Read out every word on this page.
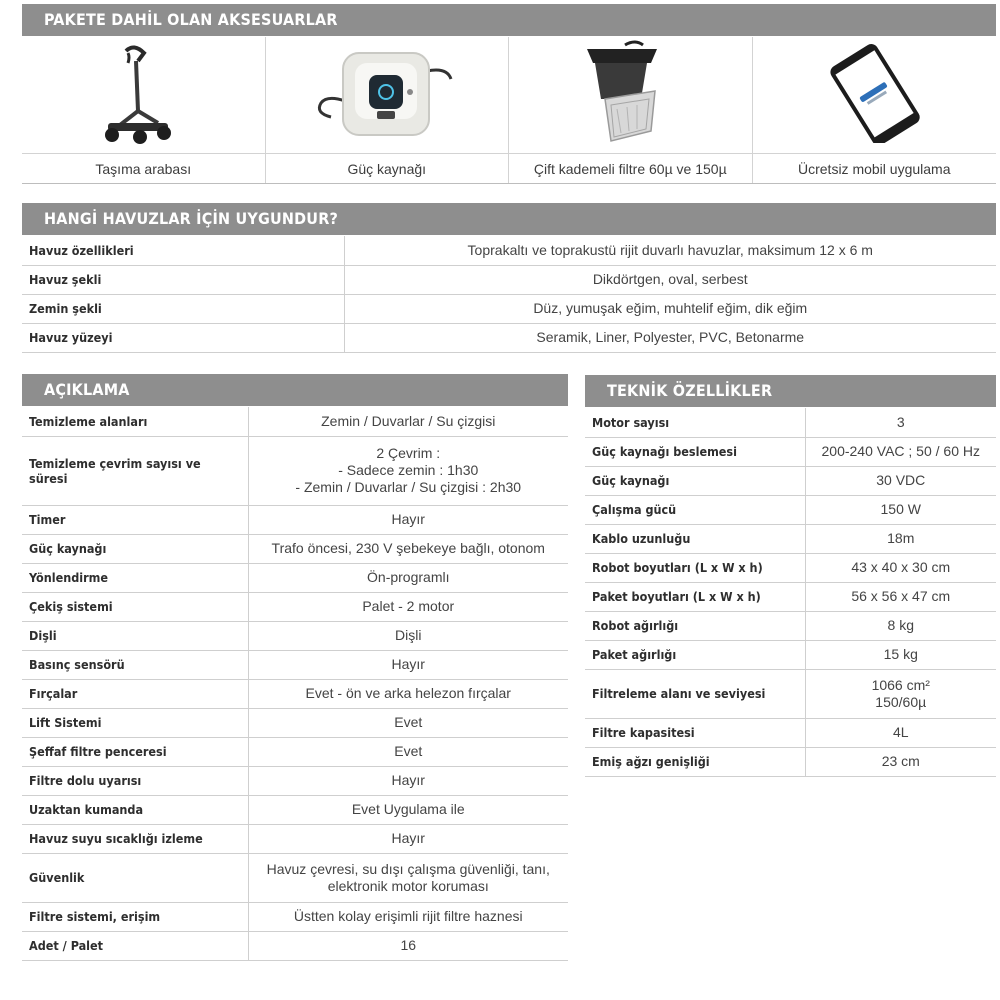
PAKETE DAHİL OLAN AKSESUARLAR
Taşıma arabası	Güç kaynağı	Çift kademeli filtre 60µ ve 150µ	Ücretsiz mobil uygulama
HANGİ HAVUZLAR İÇİN UYGUNDUR?
Havuz özellikleri	Toprakaltı ve toprakustü rijit duvarlı havuzlar, maksimum 12 x 6 m
Havuz şekli	Dikdörtgen, oval, serbest
Zemin şekli	Düz, yumuşak eğim, muhtelif eğim, dik eğim
Havuz yüzeyi	Seramik, Liner, Polyester, PVC, Betonarme
AÇIKLAMA
Temizleme alanları	Zemin / Duvarlar / Su çizgisi
Temizleme çevrim sayısı ve süresi	2 Çevrim :
- Sadece zemin : 1h30
- Zemin / Duvarlar / Su çizgisi : 2h30
Timer	Hayır
Güç kaynağı	Trafo öncesi, 230 V şebekeye bağlı, otonom
Yönlendirme	Ön-programlı
Çekiş sistemi	Palet - 2 motor
Dişli	Dişli
Basınç sensörü	Hayır
Fırçalar	Evet - ön ve arka helezon fırçalar
Lift Sistemi	Evet
Şeffaf filtre penceresi	Evet
Filtre dolu uyarısı	Hayır
Uzaktan kumanda	Evet Uygulama ile
Havuz suyu sıcaklığı izleme	Hayır
Güvenlik	Havuz çevresi, su dışı çalışma güvenliği, tanı,
elektronik motor koruması
Filtre sistemi, erişim	Üstten kolay erişimli rijit filtre haznesi
Adet / Palet	16
TEKNİK ÖZELLİKLER
Motor sayısı	3
Güç kaynağı beslemesi	200-240 VAC ; 50 / 60 Hz
Güç kaynağı	30 VDC
Çalışma gücü	150 W
Kablo uzunluğu	18m
Robot boyutları (L x W x h)	43 x 40 x 30 cm
Paket boyutları (L x W x h)	56 x 56 x 47 cm
Robot ağırlığı	8 kg
Paket ağırlığı	15 kg
Filtreleme alanı ve seviyesi	1066 cm²
150/60µ
Filtre kapasitesi	4L
Emiş ağzı genişliği	23 cm
